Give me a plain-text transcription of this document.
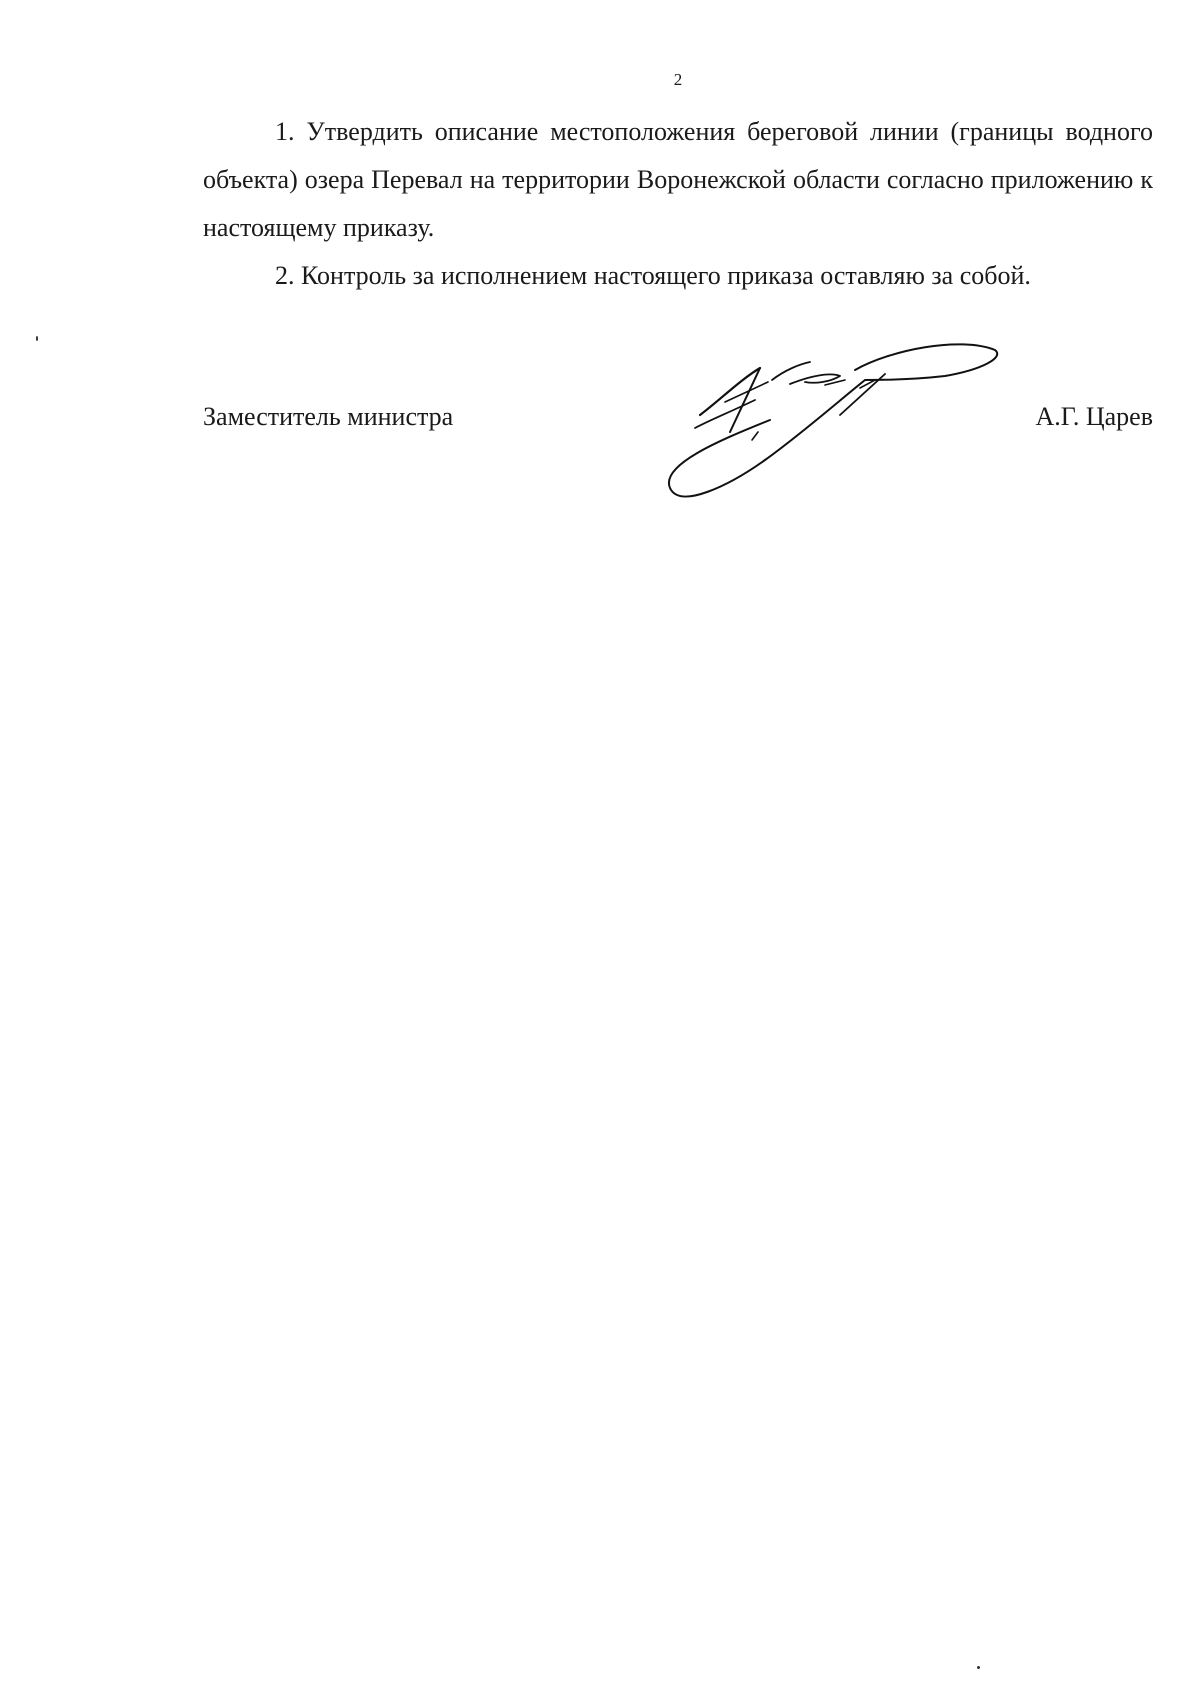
2

1. Утвердить описание местоположения береговой линии (границы водного объекта) озера Перевал на территории Воронежской области согласно приложению к настоящему приказу.

2. Контроль за исполнением настоящего приказа оставляю за собой.

Заместитель министра	А.Г. Царев
